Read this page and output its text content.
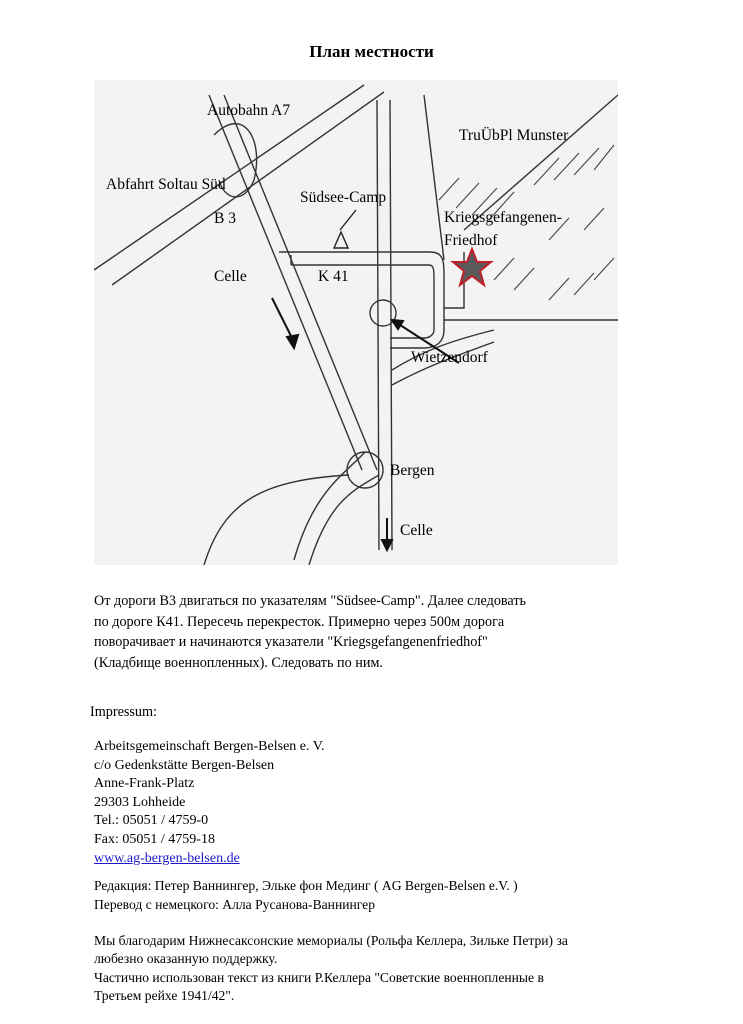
План местности
Autobahn A7
TruÜbPl Munster
Abfahrt Soltau Süd
Südsee-Camp
B 3	Kriegsgefangenen-
Friedhof
Celle	K 41
Wietzendorf
Bergen
Celle
От дороги В3 двигаться по указателям "Südsee-Camp". Далее следовать
по дороге К41. Пересечь перекресток. Примерно через 500м дорога
поворачивает и начинаются указатели "Kriegsgefangenenfriedhof"
(Кладбище военнопленных). Следовать по ним.
Impressum:
Arbeitsgemeinschaft Bergen-Belsen e. V.
c/o Gedenkstätte Bergen-Belsen
Anne-Frank-Platz
29303 Lohheide
Tel.: 05051 / 4759-0
Fax: 05051 / 4759-18
www.ag-bergen-belsen.de
Редакция: Петер Ваннингер, Эльке фон Мединг ( AG Bergen-Belsen e.V. )
Перевод с немецкого: Алла Русанова-Ваннингер
Мы благодарим Нижнесаксонские мемориалы (Рольфа Келлера, Зильке Петри) за
любезно оказанную поддержку.
Частично использован текст из книги Р.Келлера "Советские военнопленные в
Третьем рейхе 1941/42".
